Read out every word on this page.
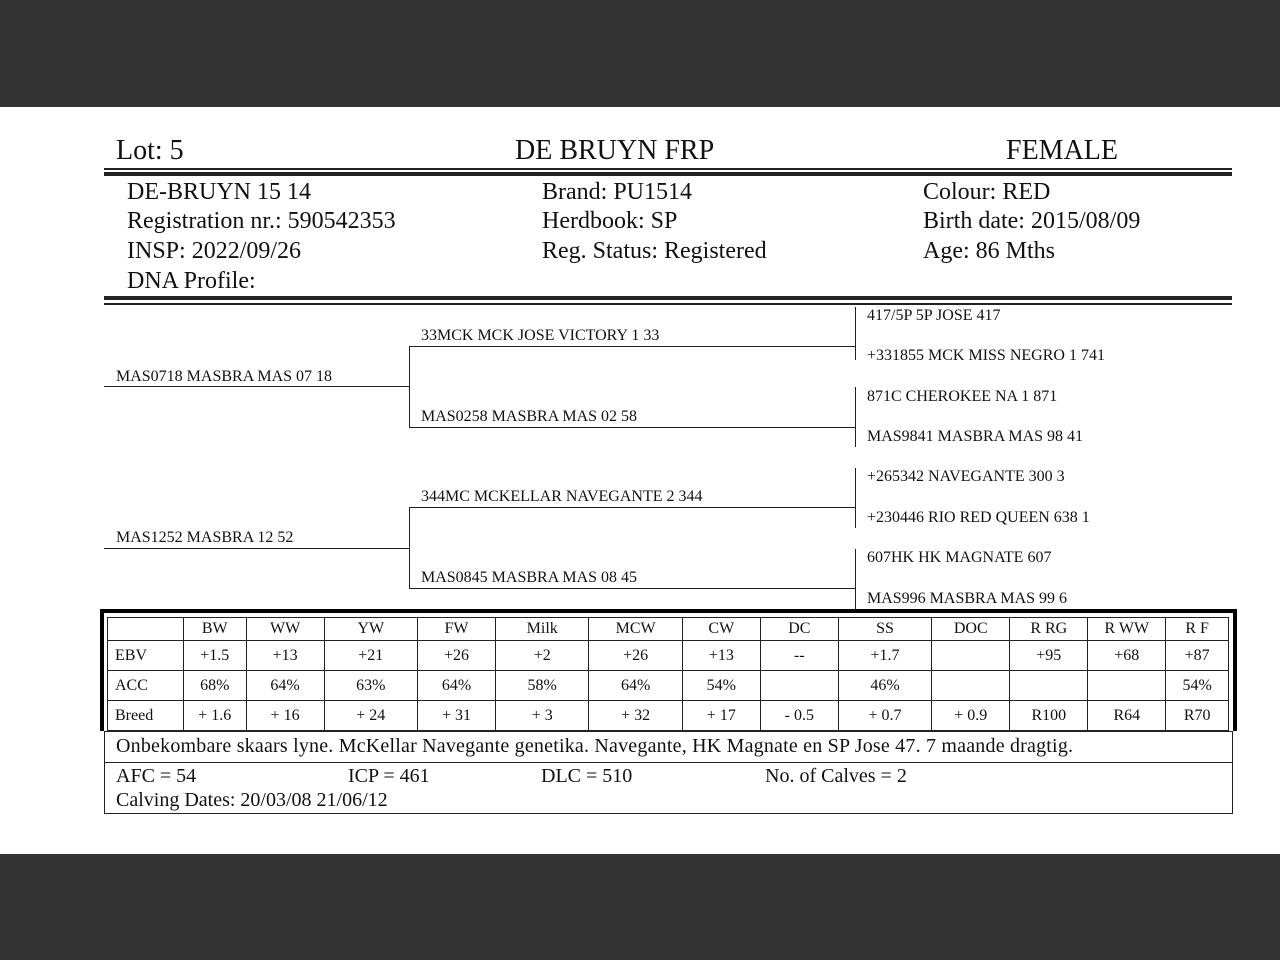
Lot: 5	DE BRUYN FRP	FEMALE
DE-BRUYN 15 14
Registration nr.: 590542353
INSP: 2022/09/26
DNA Profile:
Brand: PU1514
Herdbook: SP
Reg. Status: Registered
Colour: RED
Birth date: 2015/08/09
Age: 86 Mths
MAS0718 MASBRA MAS 07 18
MAS1252 MASBRA 12 52
33MCK MCK JOSE VICTORY 1 33
MAS0258 MASBRA MAS 02 58
344MC MCKELLAR NAVEGANTE 2 344
MAS0845 MASBRA MAS 08 45
417/5P 5P JOSE 417
+331855 MCK MISS NEGRO 1 741
871C CHEROKEE NA 1 871
MAS9841 MASBRA MAS 98 41
+265342 NAVEGANTE 300 3
+230446 RIO RED QUEEN 638 1
607HK HK MAGNATE 607
MAS996 MASBRA MAS 99 6
	BW	WW	YW	FW	Milk	MCW	CW	DC	SS	DOC	R RG	R WW	R F
EBV	+1.5	+13	+21	+26	+2	+26	+13	--	+1.7		+95	+68	+87
ACC	68%	64%	63%	64%	58%	64%	54%		46%				54%
Breed	+ 1.6	+ 16	+ 24	+ 31	+ 3	+ 32	+ 17	- 0.5	+ 0.7	+ 0.9	R100	R64	R70
Onbekombare skaars lyne. McKellar Navegante genetika. Navegante, HK Magnate en SP Jose 47. 7 maande dragtig.
AFC = 54	ICP = 461	DLC = 510	No. of Calves = 2
Calving Dates: 20/03/08 21/06/12
